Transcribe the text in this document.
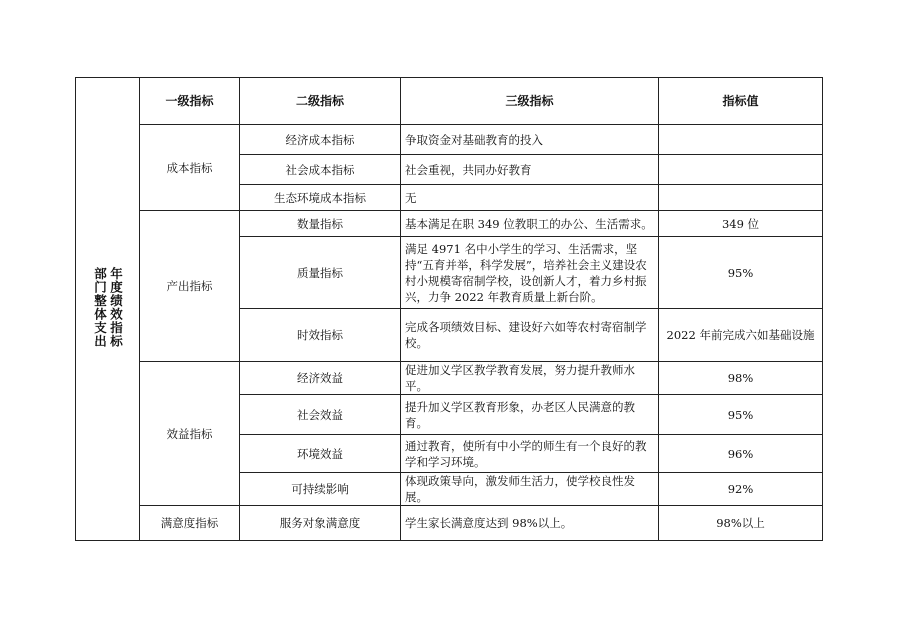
年度绩效指标
部门整体支出	一级指标	二级指标	三级指标	指标值
	成本指标	经济成本指标	争取资金对基础教育的投入	
		社会成本指标	社会重视，共同办好教育	
		生态环境成本指标	无	
	产出指标	数量指标	基本满足在职 349 位教职工的办公、生活需求。	349 位
		质量指标	满足 4971 名中小学生的学习、生活需求，坚持“五育并举，科学发展”，培养社会主义建设农村小规模寄宿制学校，设创新人才，着力乡村振兴，力争 2022 年教育质量上新台阶。	95%
		时效指标	完成各项绩效目标、建设好六如等农村寄宿制学校。	2022 年前完成六如基础设施
	效益指标	经济效益	促进加义学区教学教育发展，努力提升教师水平。	98%
		社会效益	提升加义学区教育形象，办老区人民满意的教育。	95%
		环境效益	通过教育，使所有中小学的师生有一个良好的教学和学习环境。	96%
		可持续影响	体现政策导向，激发师生活力，使学校良性发展。	92%
	满意度指标	服务对象满意度	学生家长满意度达到 98%以上。	98%以上
